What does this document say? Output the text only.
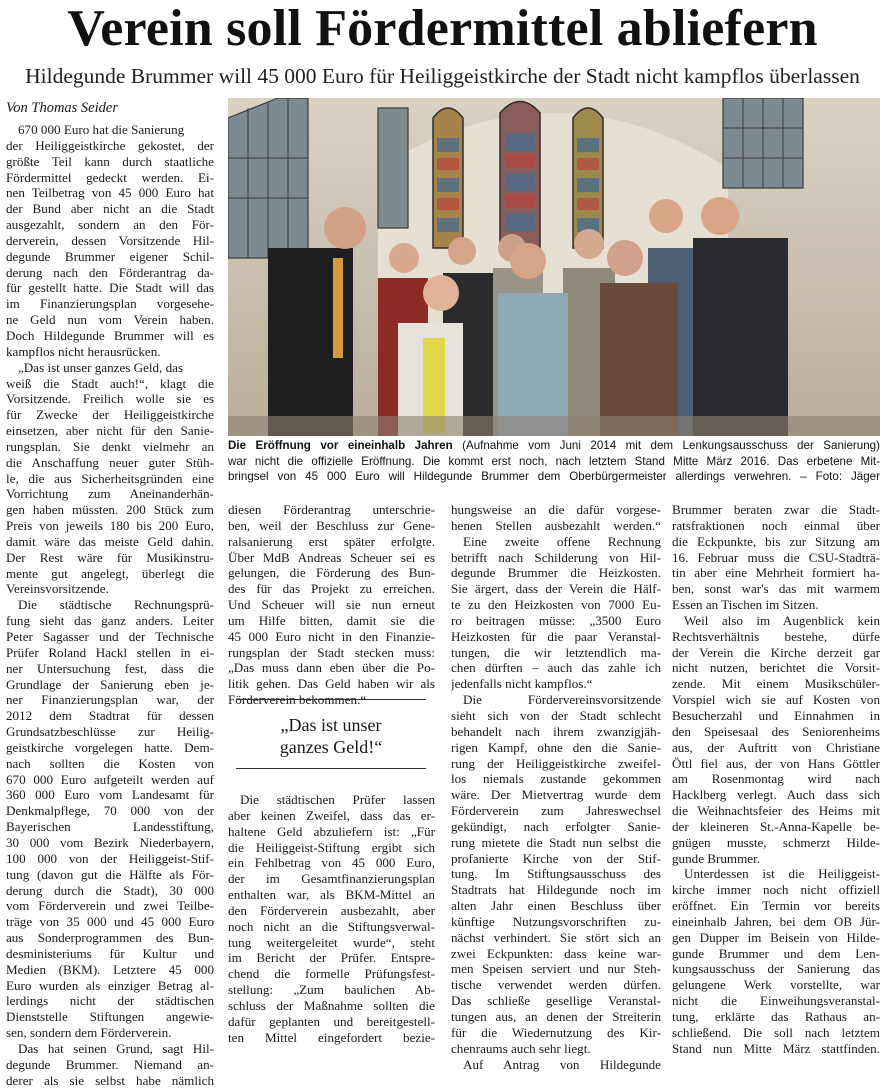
Verein soll Fördermittel abliefern
Hildegunde Brummer will 45 000 Euro für Heiliggeistkirche der Stadt nicht kampflos überlassen
Von Thomas Seider
670 000 Euro hat die Sanierung
der Heiliggeistkirche gekostet, der
größte Teil kann durch staatliche
Fördermittel gedeckt werden. Ei-
nen Teilbetrag von 45 000 Euro hat
der Bund aber nicht an die Stadt
ausgezahlt, sondern an den För-
derverein, dessen Vorsitzende Hil-
degunde Brummer eigener Schil-
derung nach den Förderantrag da-
für gestellt hatte. Die Stadt will das
im Finanzierungsplan vorgesehe-
ne Geld nun vom Verein haben.
Doch Hildegunde Brummer will es
kampflos nicht herausrücken.
„Das ist unser ganzes Geld, das
weiß die Stadt auch!“, klagt die
Vorsitzende. Freilich wolle sie es
für Zwecke der Heiliggeistkirche
einsetzen, aber nicht für den Sanie-
rungsplan. Sie denkt vielmehr an
die Anschaffung neuer guter Stüh-
le, die aus Sicherheitsgründen eine
Vorrichtung zum Aneinanderhän-
gen haben müssten. 200 Stück zum
Preis von jeweils 180 bis 200 Euro,
damit wäre das meiste Geld dahin.
Der Rest wäre für Musikinstru-
mente gut angelegt, überlegt die
Vereinsvorsitzende.
Die städtische Rechnungsprü-
fung sieht das ganz anders. Leiter
Peter Sagasser und der Technische
Prüfer Roland Hackl stellen in ei-
ner Untersuchung fest, dass die
Grundlage der Sanierung eben je-
ner Finanzierungsplan war, der
2012 dem Stadtrat für dessen
Grundsatzbeschlüsse zur Heilig-
geistkirche vorgelegen hatte. Dem-
nach sollten die Kosten von
670 000 Euro aufgeteilt werden auf
360 000 Euro vom Landesamt für
Denkmalpflege, 70 000 von der
Bayerischen Landesstiftung,
30 000 vom Bezirk Niederbayern,
100 000 von der Heiliggeist-Stif-
tung (davon gut die Hälfte als För-
derung durch die Stadt), 30 000
vom Förderverein und zwei Teilbe-
träge von 35 000 und 45 000 Euro
aus Sonderprogrammen des Bun-
desministeriums für Kultur und
Medien (BKM). Letztere 45 000
Euro wurden als einziger Betrag al-
lerdings nicht der städtischen
Dienststelle Stiftungen angewie-
sen, sondern dem Förderverein.
Das hat seinen Grund, sagt Hil-
degunde Brummer. Niemand an-
derer als sie selbst habe nämlich
diesen Förderantrag unterschrie-
ben, weil der Beschluss zur Gene-
ralsanierung erst später erfolgte.
Über MdB Andreas Scheuer sei es
gelungen, die Förderung des Bun-
des für das Projekt zu erreichen.
Und Scheuer will sie nun erneut
um Hilfe bitten, damit sie die
45 000 Euro nicht in den Finanzie-
rungsplan der Stadt stecken muss:
„Das muss dann eben über die Po-
litik gehen. Das Geld haben wir als
Förderverein bekommen.“
Die städtischen Prüfer lassen
aber keinen Zweifel, dass das er-
haltene Geld abzuliefern ist: „Für
die Heiliggeist-Stiftung ergibt sich
ein Fehlbetrag von 45 000 Euro,
der im Gesamtfinanzierungsplan
enthalten war, als BKM-Mittel an
den Förderverein ausbezahlt, aber
noch nicht an die Stiftungsverwal-
tung weitergeleitet wurde“, steht
im Bericht der Prüfer. Entspre-
chend die formelle Prüfungsfest-
stellung: „Zum baulichen Ab-
schluss der Maßnahme sollten die
dafür geplanten und bereitgestell-
ten Mittel eingefordert bezie-
hungsweise an die dafür vorgese-
henen Stellen ausbezahlt werden.“
Eine zweite offene Rechnung
betrifft nach Schilderung von Hil-
degunde Brummer die Heizkosten.
Sie ärgert, dass der Verein die Hälf-
te zu den Heizkosten von 7000 Eu-
ro beitragen müsse: „3500 Euro
Heizkosten für die paar Veranstal-
tungen, die wir letztendlich ma-
chen dürften – auch das zahle ich
jedenfalls nicht kampflos.“
Die Fördervereinsvorsitzende
sieht sich von der Stadt schlecht
behandelt nach ihrem zwanzigjäh-
rigen Kampf, ohne den die Sanie-
rung der Heiliggeistkirche zweifel-
los niemals zustande gekommen
wäre. Der Mietvertrag wurde dem
Förderverein zum Jahreswechsel
gekündigt, nach erfolgter Sanie-
rung mietete die Stadt nun selbst die
profanierte Kirche von der Stif-
tung. Im Stiftungsausschuss des
Stadtrats hat Hildegunde noch im
alten Jahr einen Beschluss über
künftige Nutzungsvorschriften zu-
nächst verhindert. Sie stört sich an
zwei Eckpunkten: dass keine war-
men Speisen serviert und nur Steh-
tische verwendet werden dürfen.
Das schließe gesellige Veranstal-
tungen aus, an denen der Streiterin
für die Wiedernutzung des Kir-
chenraums auch sehr liegt.
Auf Antrag von Hildegunde
Brummer beraten zwar die Stadt-
ratsfraktionen noch einmal über
die Eckpunkte, bis zur Sitzung am
16. Februar muss die CSU-Stadträ-
tin aber eine Mehrheit formiert ha-
ben, sonst war's das mit warmem
Essen an Tischen im Sitzen.
Weil also im Augenblick kein
Rechtsverhältnis bestehe, dürfe
der Verein die Kirche derzeit gar
nicht nutzen, berichtet die Vorsit-
zende. Mit einem Musikschüler-
Vorspiel wich sie auf Kosten von
Besucherzahl und Einnahmen in
den Speisesaal des Seniorenheims
aus, der Auftritt von Christiane
Öttl fiel aus, der von Hans Göttler
am Rosenmontag wird nach
Hacklberg verlegt. Auch dass sich
die Weihnachtsfeier des Heims mit
der kleineren St.-Anna-Kapelle be-
gnügen musste, schmerzt Hilde-
gunde Brummer.
Unterdessen ist die Heiliggeist-
kirche immer noch nicht offiziell
eröffnet. Ein Termin vor bereits
eineinhalb Jahren, bei dem OB Jür-
gen Dupper im Beisein von Hilde-
gunde Brummer und dem Len-
kungsausschuss der Sanierung das
gelungene Werk vorstellte, war
nicht die Einweihungsveranstal-
tung, erklärte das Rathaus an-
schließend. Die soll nach letztem
Stand nun Mitte März stattfinden.
Die Eröffnung vor eineinhalb Jahren (Aufnahme vom Juni 2014 mit dem Lenkungsausschuss der Sanierung)
war nicht die offizielle Eröffnung. Die kommt erst noch, nach letztem Stand Mitte März 2016. Das erbetene Mit-
bringsel von 45 000 Euro will Hildegunde Brummer dem Oberbürgermeister allerdings verwehren. – Foto: Jäger
„Das ist unser
ganzes Geld!“
